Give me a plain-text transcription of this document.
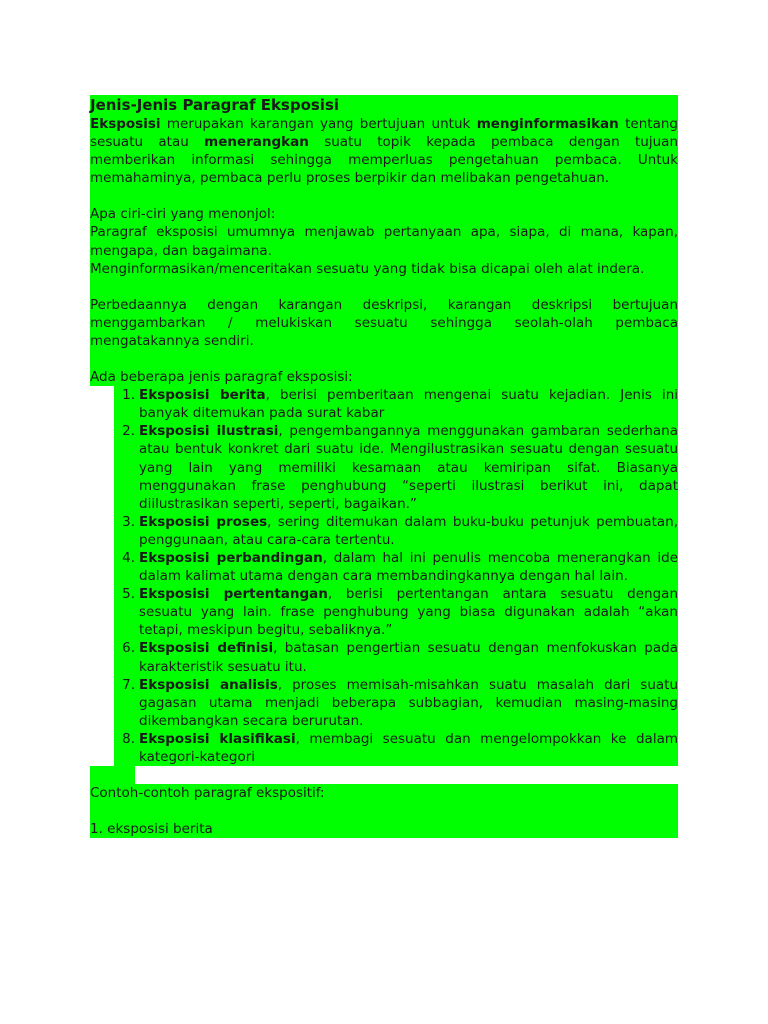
Jenis-Jenis Paragraf Eksposisi

Eksposisi merupakan karangan yang bertujuan untuk menginformasikan tentang sesuatu atau menerangkan suatu topik kepada pembaca dengan tujuan memberikan informasi sehingga memperluas pengetahuan pembaca. Untuk memahaminya, pembaca perlu proses berpikir dan melibakan pengetahuan.

Apa ciri-ciri yang menonjol:

Paragraf eksposisi umumnya menjawab pertanyaan apa, siapa, di mana, kapan, mengapa, dan bagaimana.

Menginformasikan/menceritakan sesuatu yang tidak bisa dicapai oleh alat indera.

Perbedaannya dengan karangan deskripsi, karangan deskripsi bertujuan menggambarkan / melukiskan sesuatu sehingga seolah-olah pembaca mengatakannya sendiri.

Ada beberapa jenis paragraf eksposisi:

1. Eksposisi berita, berisi pemberitaan mengenai suatu kejadian. Jenis ini banyak ditemukan pada surat kabar
2. Eksposisi ilustrasi, pengembangannya menggunakan gambaran sederhana atau bentuk konkret dari suatu ide. Mengilustrasikan sesuatu dengan sesuatu yang lain yang memiliki kesamaan atau kemiripan sifat. Biasanya menggunakan frase penghubung “seperti ilustrasi berikut ini, dapat diilustrasikan seperti, seperti, bagaikan.”
3. Eksposisi proses, sering ditemukan dalam buku-buku petunjuk pembuatan, penggunaan, atau cara-cara tertentu.
4. Eksposisi perbandingan, dalam hal ini penulis mencoba menerangkan ide dalam kalimat utama dengan cara membandingkannya dengan hal lain.
5. Eksposisi pertentangan, berisi pertentangan antara sesuatu dengan sesuatu yang lain. frase penghubung yang biasa digunakan adalah “akan tetapi, meskipun begitu, sebaliknya.”
6. Eksposisi definisi, batasan pengertian sesuatu dengan menfokuskan pada karakteristik sesuatu itu.
7. Eksposisi analisis, proses memisah-misahkan suatu masalah dari suatu gagasan utama menjadi beberapa subbagian, kemudian masing-masing dikembangkan secara berurutan.
8. Eksposisi klasifikasi, membagi sesuatu dan mengelompokkan ke dalam kategori-kategori

Contoh-contoh paragraf ekspositif:

1. eksposisi berita
